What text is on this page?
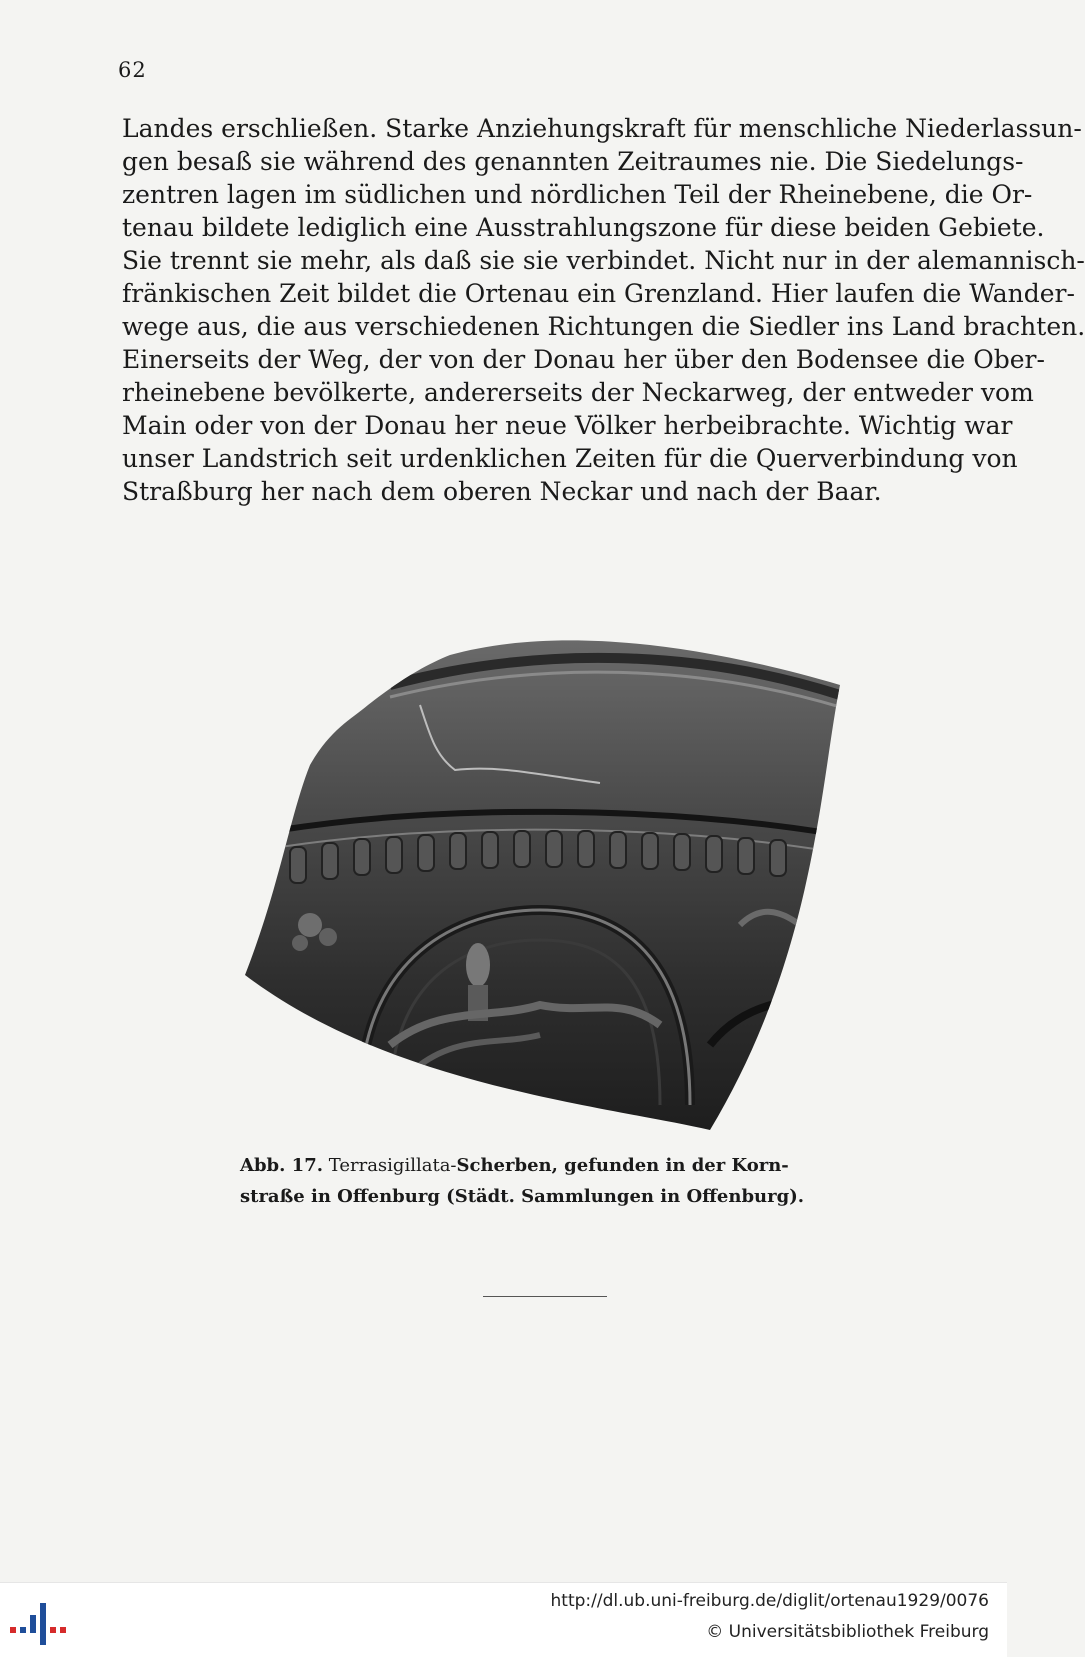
62
Landes erschließen. Starke Anziehungskraft für menschliche Niederlassun-
gen besaß sie während des genannten Zeitraumes nie. Die Siedelungs-
zentren lagen im südlichen und nördlichen Teil der Rheinebene, die Or-
tenau bildete lediglich eine Ausstrahlungszone für diese beiden Gebiete.
Sie trennt sie mehr, als daß sie sie verbindet. Nicht nur in der alemannisch-
fränkischen Zeit bildet die Ortenau ein Grenzland. Hier laufen die Wander-
wege aus, die aus verschiedenen Richtungen die Siedler ins Land brachten.
Einerseits der Weg, der von der Donau her über den Bodensee die Ober-
rheinebene bevölkerte, andererseits der Neckarweg, der entweder vom
Main oder von der Donau her neue Völker herbeibrachte. Wichtig war
unser Landstrich seit urdenklichen Zeiten für die Querverbindung von
Straßburg her nach dem oberen Neckar und nach der Baar.
Abb. 17. Terrasigillata-Scherben, gefunden in der Korn-
straße in Offenburg (Städt. Sammlungen in Offenburg).
http://dl.ub.uni-freiburg.de/diglit/ortenau1929/0076
© Universitätsbibliothek Freiburg
